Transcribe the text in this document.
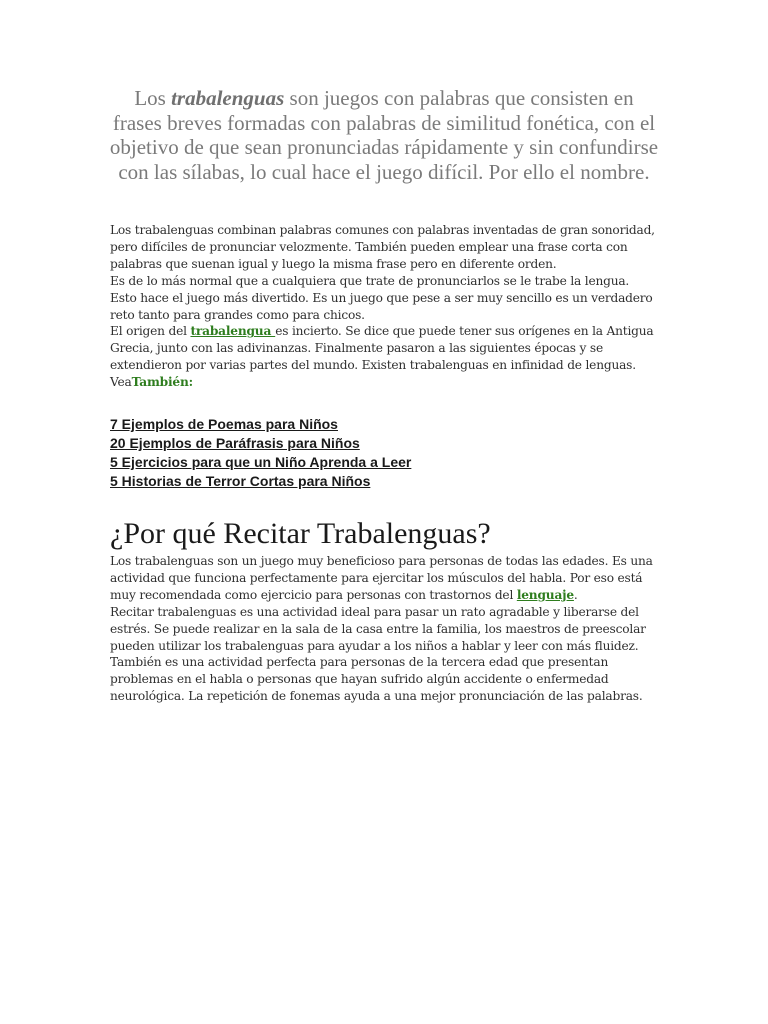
Los trabalenguas son juegos con palabras que consisten en frases breves formadas con palabras de similitud fonética, con el objetivo de que sean pronunciadas rápidamente y sin confundirse con las sílabas, lo cual hace el juego difícil. Por ello el nombre.

Los trabalenguas combinan palabras comunes con palabras inventadas de gran sonoridad, pero difíciles de pronunciar velozmente. También pueden emplear una frase corta con palabras que suenan igual y luego la misma frase pero en diferente orden.

Es de lo más normal que a cualquiera que trate de pronunciarlos se le trabe la lengua. Esto hace el juego más divertido. Es un juego que pese a ser muy sencillo es un verdadero reto tanto para grandes como para chicos.

El origen del trabalengua es incierto. Se dice que puede tener sus orígenes en la Antigua Grecia, junto con las adivinanzas. Finalmente pasaron a las siguientes épocas y se extendieron por varias partes del mundo. Existen trabalenguas en infinidad de lenguas.

VeaTambién:

7 Ejemplos de Poemas para Niños
20 Ejemplos de Paráfrasis para Niños
5 Ejercicios para que un Niño Aprenda a Leer
5 Historias de Terror Cortas para Niños
¿Por qué Recitar Trabalenguas?

Los trabalenguas son un juego muy beneficioso para personas de todas las edades. Es una actividad que funciona perfectamente para ejercitar los músculos del habla. Por eso está muy recomendada como ejercicio para personas con trastornos del lenguaje.

Recitar trabalenguas es una actividad ideal para pasar un rato agradable y liberarse del estrés. Se puede realizar en la sala de la casa entre la familia, los maestros de preescolar pueden utilizar los trabalenguas para ayudar a los niños a hablar y leer con más fluidez.

También es una actividad perfecta para personas de la tercera edad que presentan problemas en el habla o personas que hayan sufrido algún accidente o enfermedad neurológica. La repetición de fonemas ayuda a una mejor pronunciación de las palabras.
